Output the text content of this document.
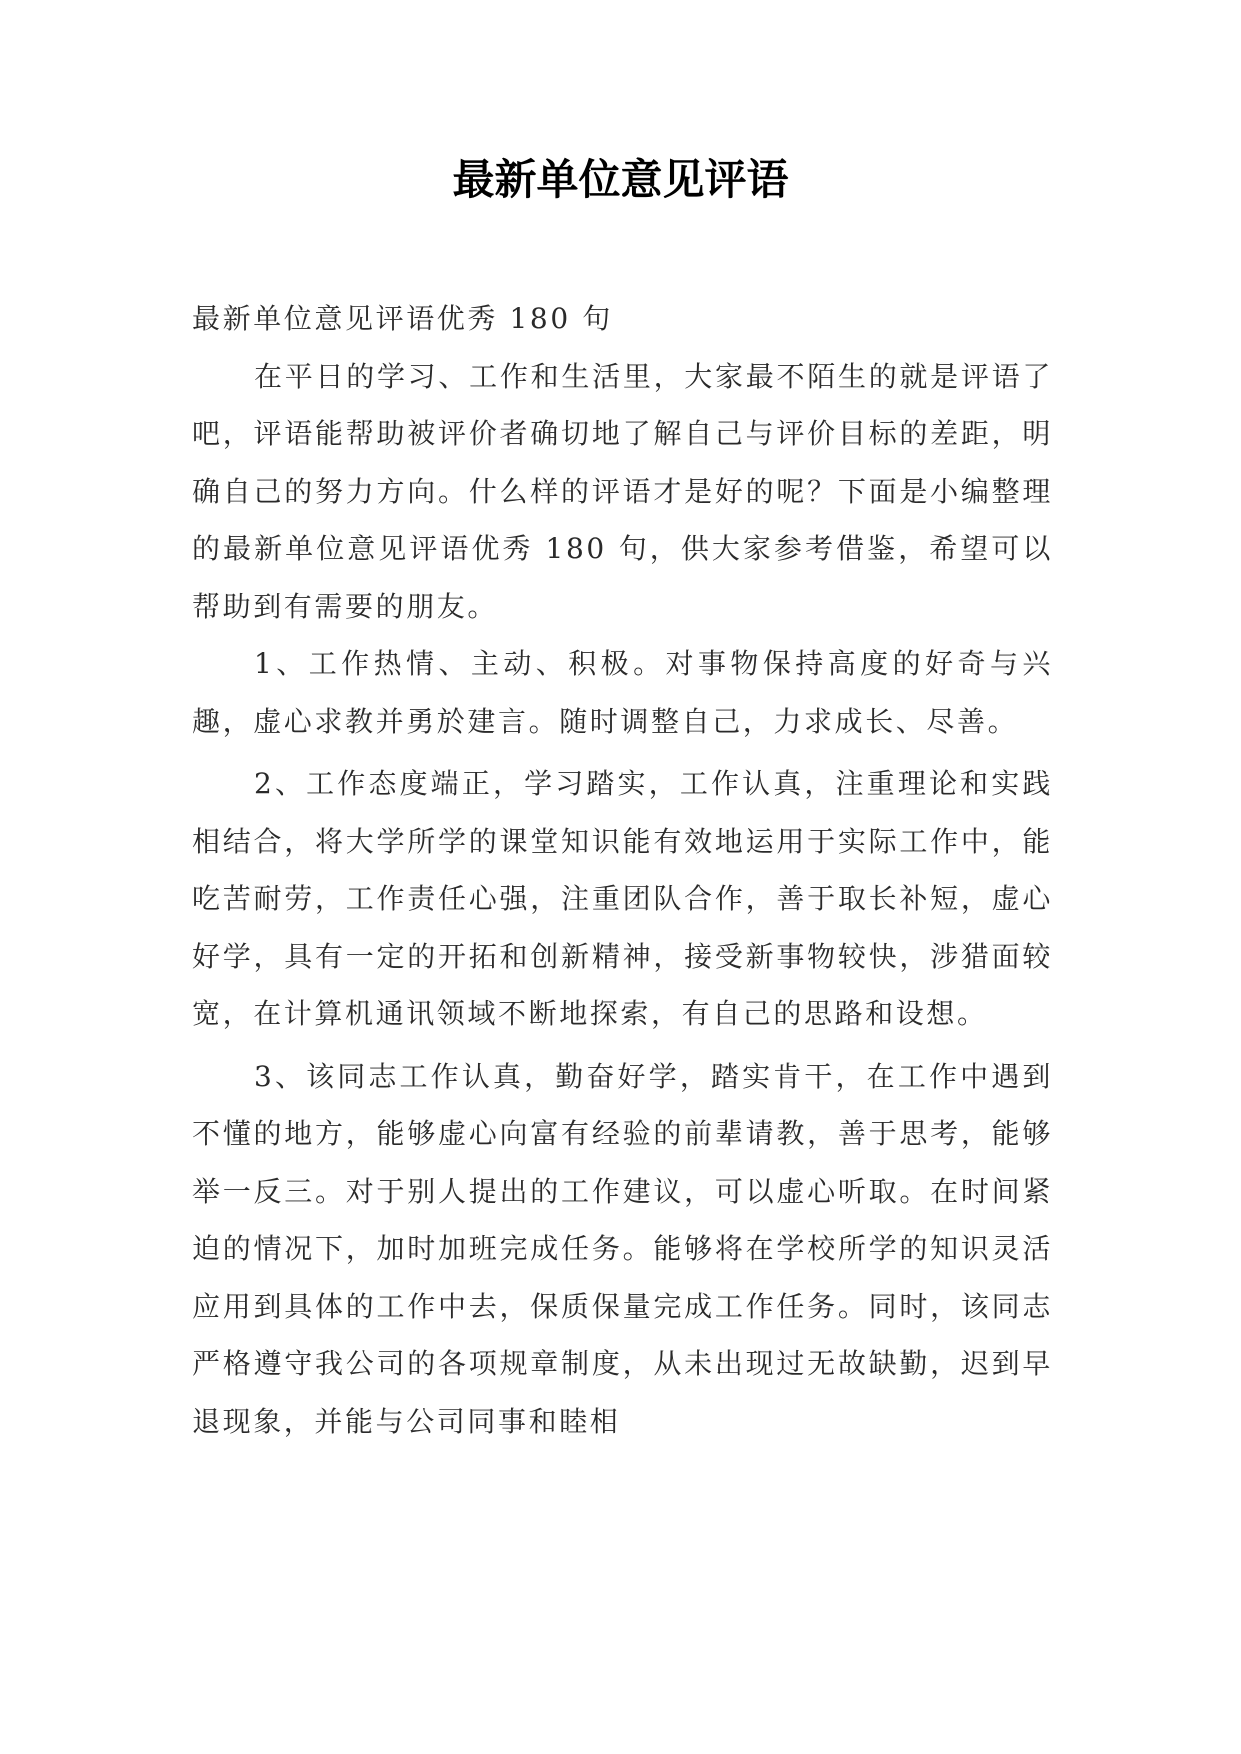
最新单位意见评语

最新单位意见评语优秀 180 句

在平日的学习、工作和生活里，大家最不陌生的就是评语了吧，评语能帮助被评价者确切地了解自己与评价目标的差距，明确自己的努力方向。什么样的评语才是好的呢？下面是小编整理的最新单位意见评语优秀 180 句，供大家参考借鉴，希望可以帮助到有需要的朋友。

1、工作热情、主动、积极。对事物保持高度的好奇与兴趣，虚心求教并勇於建言。随时调整自己，力求成长、尽善。

2、工作态度端正，学习踏实，工作认真，注重理论和实践相结合，将大学所学的课堂知识能有效地运用于实际工作中，能吃苦耐劳，工作责任心强，注重团队合作，善于取长补短，虚心好学，具有一定的开拓和创新精神，接受新事物较快，涉猎面较宽，在计算机通讯领域不断地探索，有自己的思路和设想。

3、该同志工作认真，勤奋好学，踏实肯干，在工作中遇到不懂的地方，能够虚心向富有经验的前辈请教，善于思考，能够举一反三。对于别人提出的工作建议，可以虚心听取。在时间紧迫的情况下，加时加班完成任务。能够将在学校所学的知识灵活应用到具体的工作中去，保质保量完成工作任务。同时，该同志严格遵守我公司的各项规章制度，从未出现过无故缺勤，迟到早退现象，并能与公司同事和睦相
